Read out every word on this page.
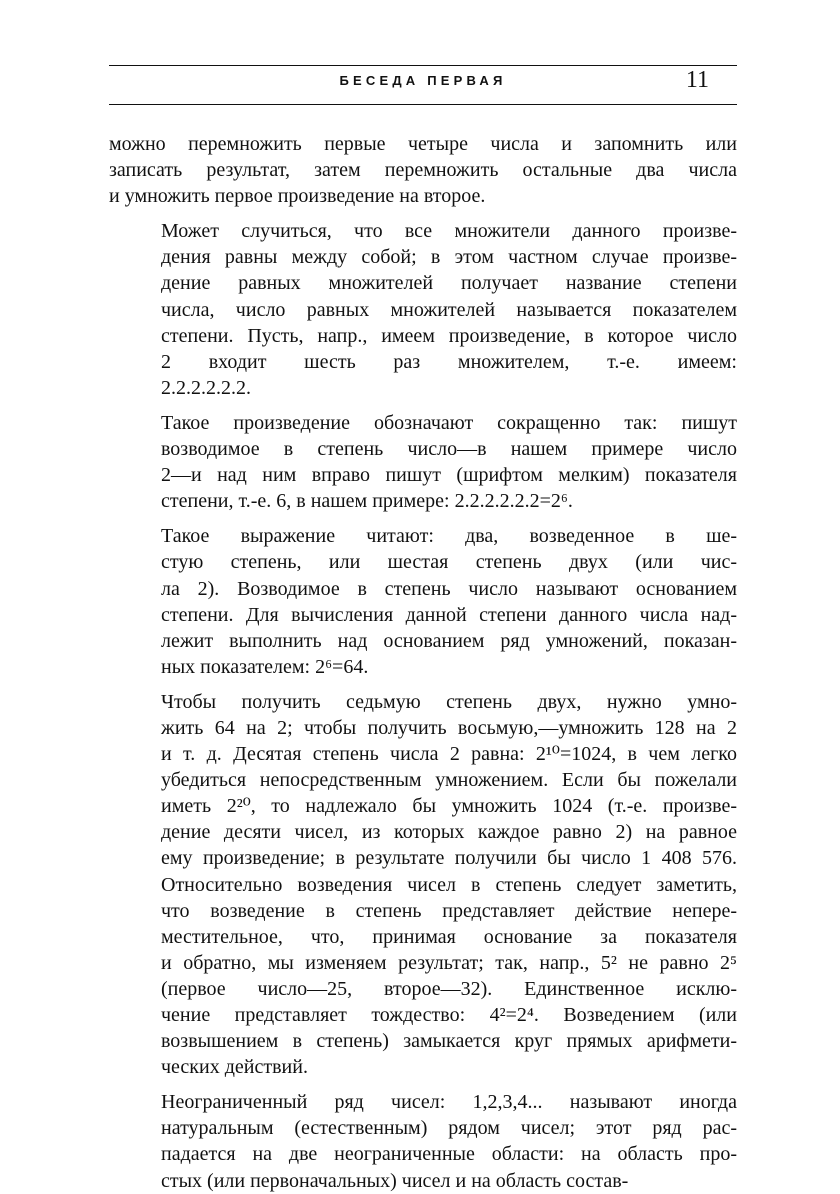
БЕСЕДА ПЕРВАЯ	11

можно перемножить первые четыре числа и запомнить или
записать результат, затем перемножить остальные два числа
и умножить первое произведение на второе.

Может случиться, что все множители данного произве-
дения равны между собой; в этом частном случае произве-
дение равных множителей получает название степени
числа, число равных множителей называется показателем
степени. Пусть, напр., имеем произведение, в которое число
2 входит шесть раз множителем, т.-е. имеем:
2.2.2.2.2.2.

Такое произведение обозначают сокращенно так: пишут
возводимое в степень число—в нашем примере число
2—и над ним вправо пишут (шрифтом мелким) показателя
степени, т.-е. 6, в нашем примере: 2.2.2.2.2.2=2⁶.

Такое выражение читают: два, возведенное в ше-
стую степень, или шестая степень двух (или чис-
ла 2). Возводимое в степень число называют основанием
степени. Для вычисления данной степени данного числа над-
лежит выполнить над основанием ряд умножений, показан-
ных показателем: 2⁶=64.

Чтобы получить седьмую степень двух, нужно умно-
жить 64 на 2; чтобы получить восьмую,—умножить 128 на 2
и т. д. Десятая степень числа 2 равна: 2¹⁰=1024, в чем легко
убедиться непосредственным умножением. Если бы пожелали
иметь 2²⁰, то надлежало бы умножить 1024 (т.-е. произве-
дение десяти чисел, из которых каждое равно 2) на равное
ему произведение; в результате получили бы число 1 408 576.
Относительно возведения чисел в степень следует заметить,
что возведение в степень представляет действие непере-
местительное, что, принимая основание за показателя
и обратно, мы изменяем результат; так, напр., 5² не равно 2⁵
(первое число—25, второе—32). Единственное исклю-
чение представляет тождество: 4²=2⁴. Возведением (или
возвышением в степень) замыкается круг прямых арифмети-
ческих действий.

Неограниченный ряд чисел: 1,2,3,4... называют иногда
натуральным (естественным) рядом чисел; этот ряд рас-
падается на две неограниченные области: на область про-
стых (или первоначальных) чисел и на область состав-
